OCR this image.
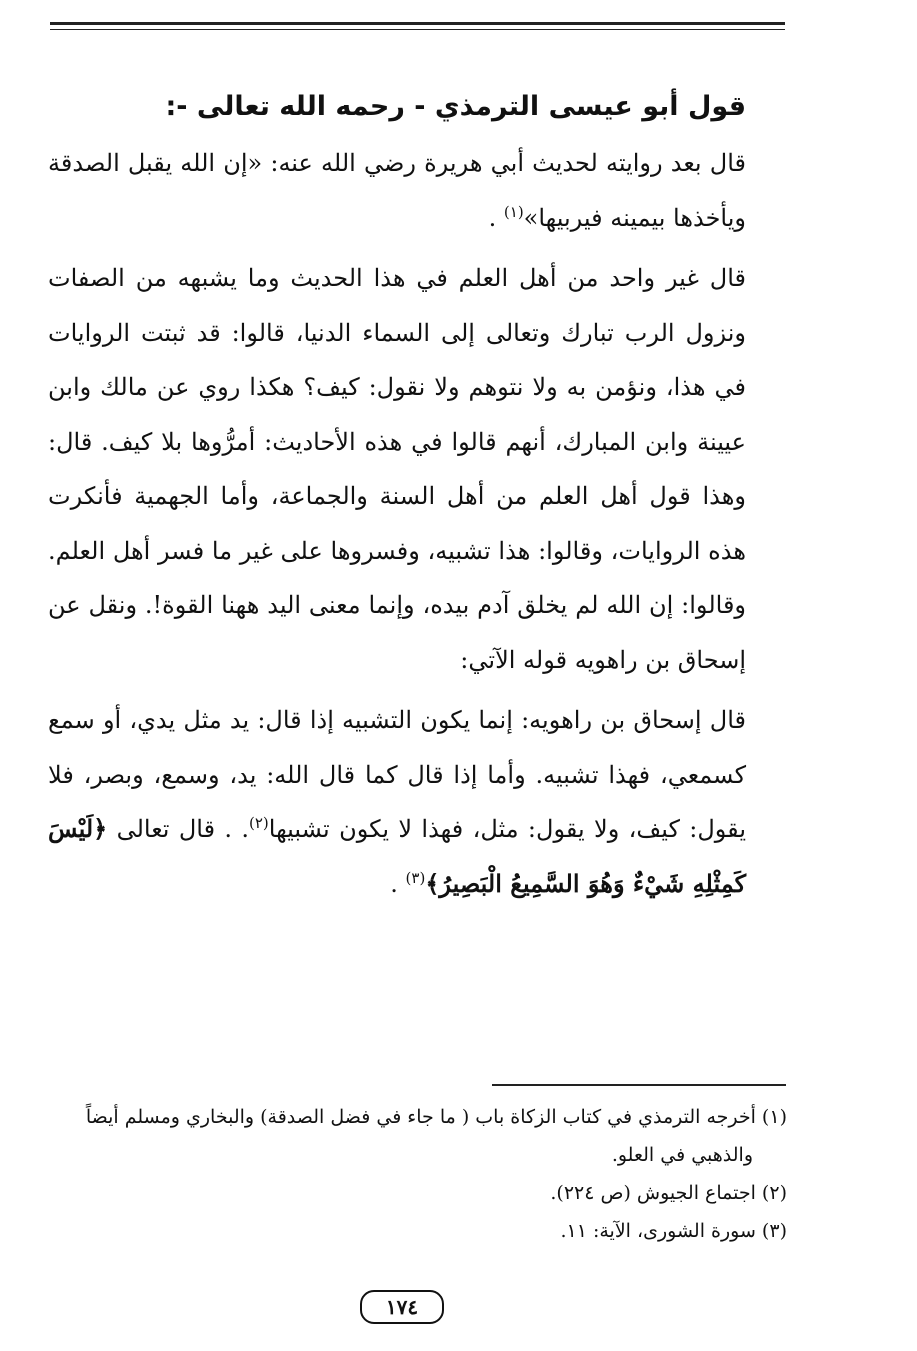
قول أبو عيسى الترمذي - رحمه الله تعالى -:

قال بعد روايته لحديث أبي هريرة رضي الله عنه: «إن الله يقبل الصدقة ويأخذها بيمينه فيربيها»$^{(١)}$ .

قال غير واحد من أهل العلم في هذا الحديث وما يشبهه من الصفات ونزول الرب تبارك وتعالى إلى السماء الدنيا، قالوا: قد ثبتت الروايات في هذا، ونؤمن به ولا نتوهم ولا نقول: كيف؟ هكذا روي عن مالك وابن عيينة وابن المبارك، أنهم قالوا في هذه الأحاديث: أمرُّوها بلا كيف. قال: وهذا قول أهل العلم من أهل السنة والجماعة، وأما الجهمية فأنكرت هذه الروايات، وقالوا: هذا تشبيه، وفسروها على غير ما فسر أهل العلم. وقالوا: إن الله لم يخلق آدم بيده، وإنما معنى اليد ههنا القوة!. ونقل عن إسحاق بن راهويه قوله الآتي:

قال إسحاق بن راهويه: إنما يكون التشبيه إذا قال: يد مثل يدي، أو سمع كسمعي، فهذا تشبيه. وأما إذا قال كما قال الله: يد، وسمع، وبصر، فلا يقول: كيف، ولا يقول: مثل، فهذا لا يكون تشبيها$^{(٢)}$. . قال تعالى ﴿لَيْسَ كَمِثْلِهِ شَيْءٌ وَهُوَ السَّمِيعُ الْبَصِيرُ﴾$^{(٣)}$ .

(١) أخرجه الترمذي في كتاب الزكاة باب ( ما جاء في فضل الصدقة) والبخاري ومسلم أيضاً

والذهبي في العلو.

(٢) اجتماع الجيوش (ص ٢٢٤).

(٣) سورة الشورى، الآية: ١١.

١٧٤
